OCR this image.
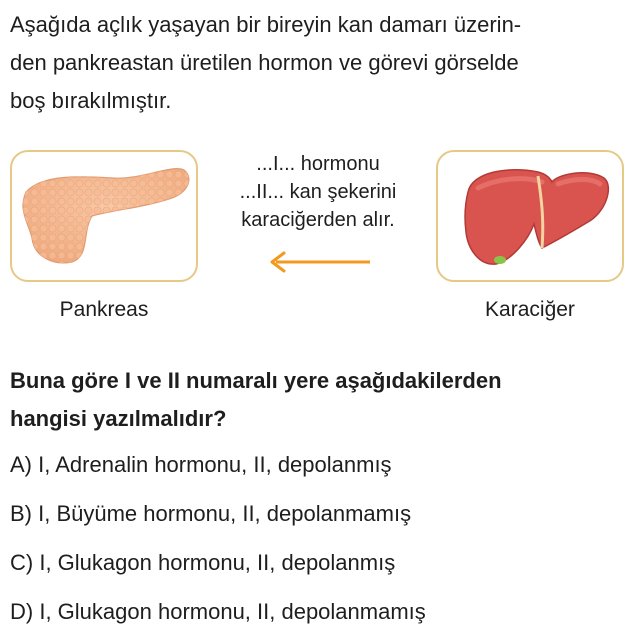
Aşağıda açlık yaşayan bir bireyin kan damarı üzerin-
den pankreastan üretilen hormon ve görevi görselde
boş bırakılmıştır.
Pankreas	Karaciğer
...I... hormonu
...II... kan şekerini
karaciğerden alır.
Buna göre I ve II numaralı yere aşağıdakilerden
hangisi yazılmalıdır?
A) I, Adrenalin hormonu, II, depolanmış
B) I, Büyüme hormonu, II, depolanmamış
C) I, Glukagon hormonu, II, depolanmış
D) I, Glukagon hormonu, II, depolanmamış
